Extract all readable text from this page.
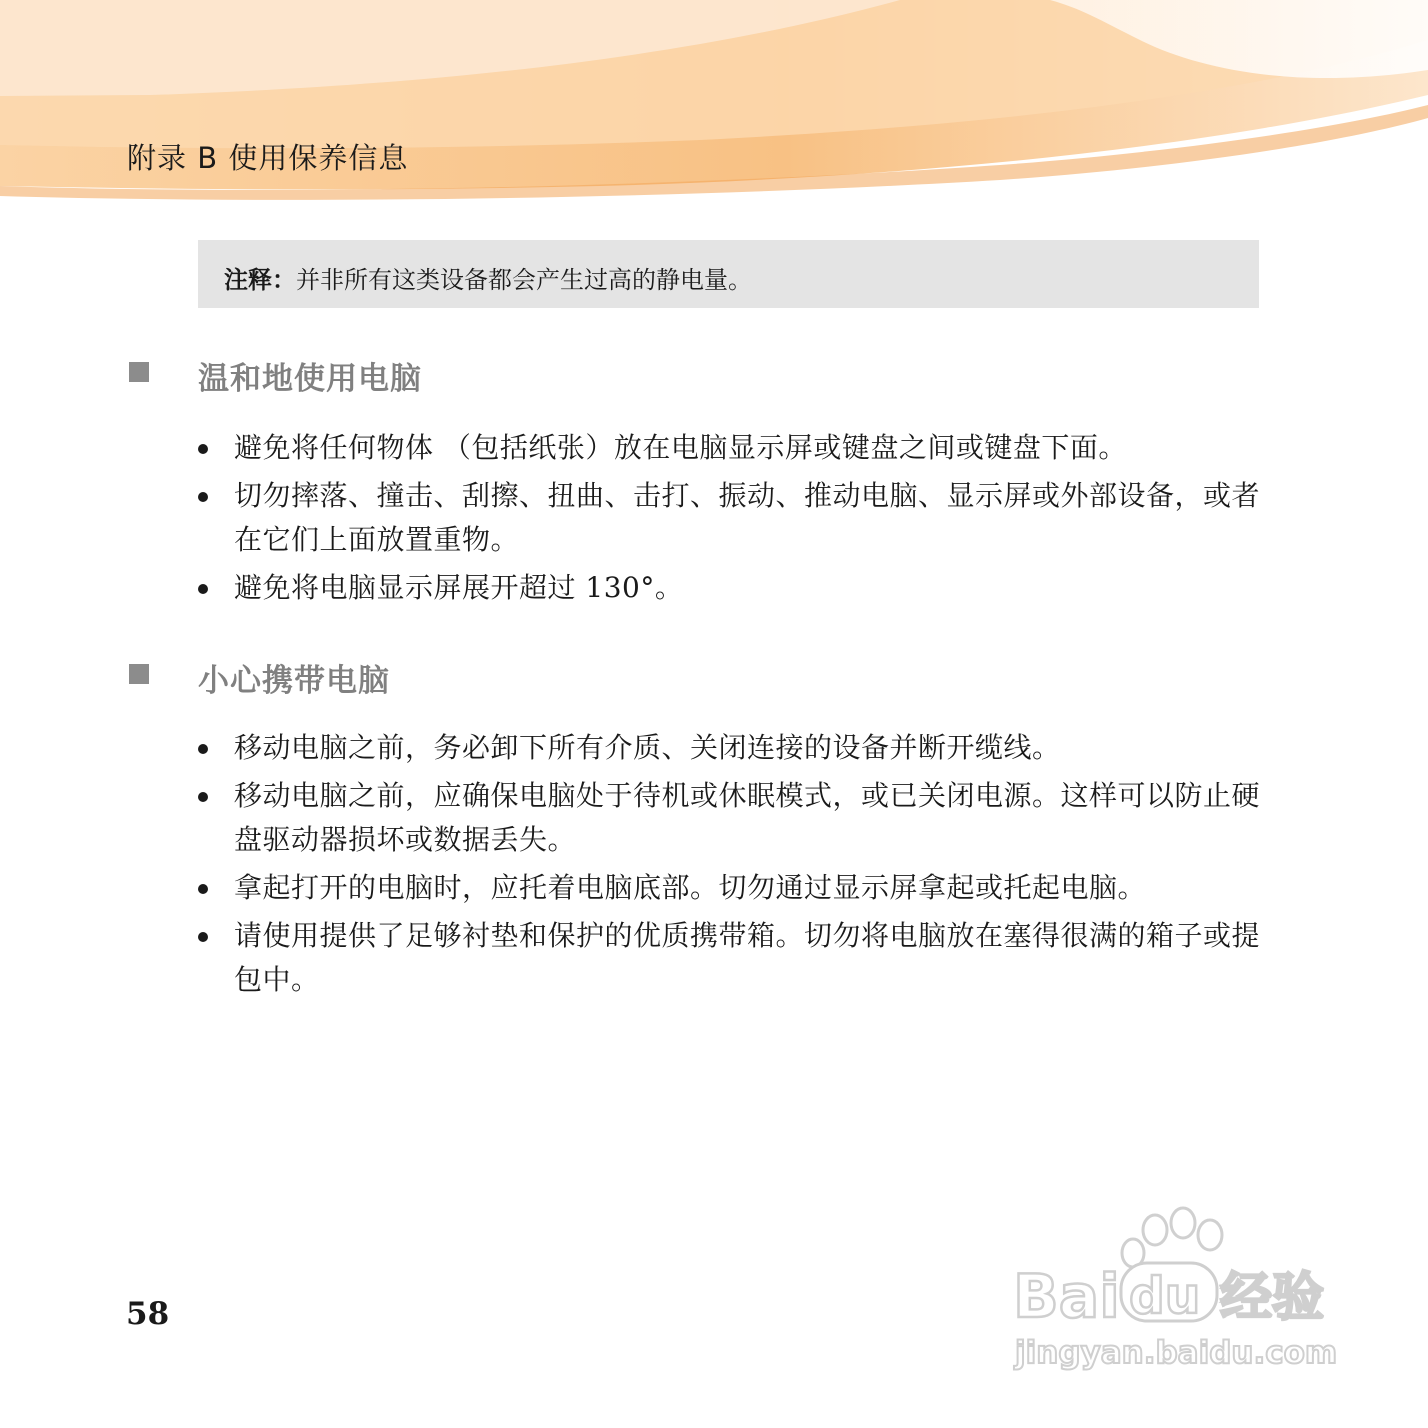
附录 B 使用保养信息
注释：并非所有这类设备都会产生过高的静电量。
温和地使用电脑
避免将任何物体 （包括纸张）放在电脑显示屏或键盘之间或键盘下面。
切勿摔落、撞击、刮擦、扭曲、击打、振动、推动电脑、显示屏或外部设备，或者在它们上面放置重物。
避免将电脑显示屏展开超过 130°。
小心携带电脑
移动电脑之前，务必卸下所有介质、关闭连接的设备并断开缆线。
移动电脑之前，应确保电脑处于待机或休眠模式，或已关闭电源。这样可以防止硬盘驱动器损坏或数据丢失。
拿起打开的电脑时，应托着电脑底部。切勿通过显示屏拿起或托起电脑。
请使用提供了足够衬垫和保护的优质携带箱。切勿将电脑放在塞得很满的箱子或提包中。
58	Bai du 经验
jingyan.baidu.com
